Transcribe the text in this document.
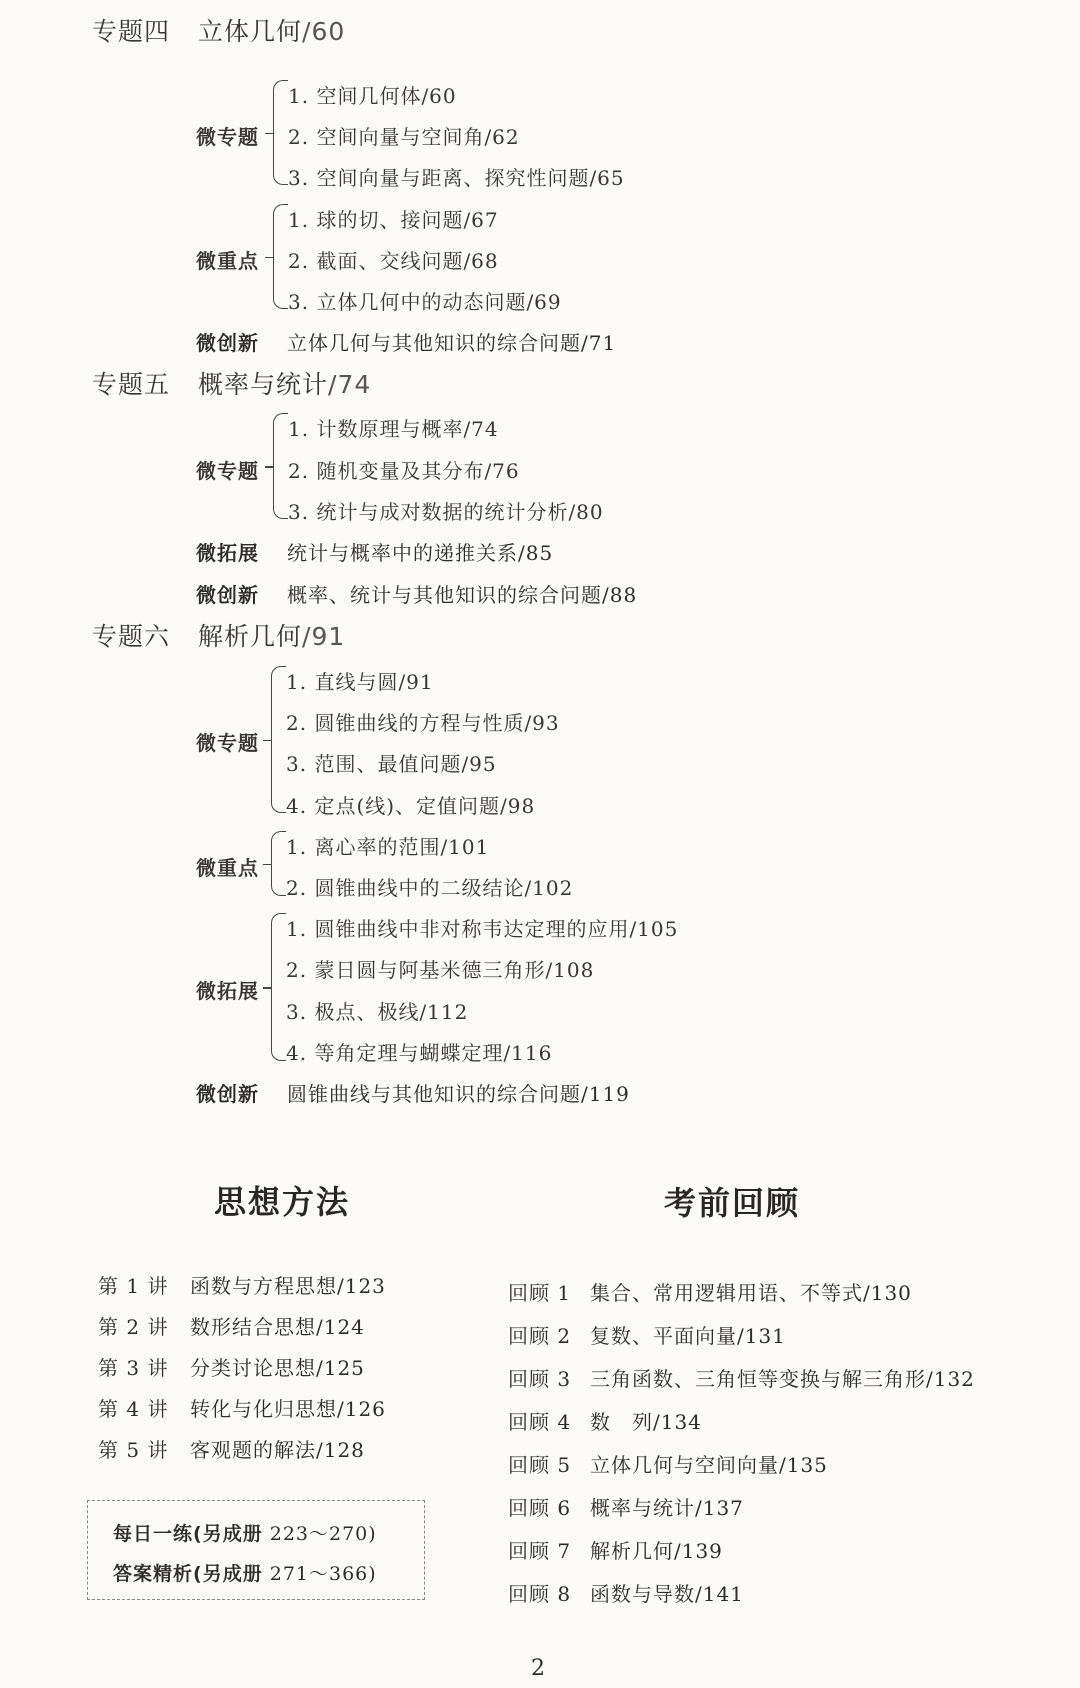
专题四 立体几何/60
微专题
1. 空间几何体/60
2. 空间向量与空间角/62
3. 空间向量与距离、探究性问题/65
微重点
1. 球的切、接问题/67
2. 截面、交线问题/68
3. 立体几何中的动态问题/69
微创新 立体几何与其他知识的综合问题/71
专题五 概率与统计/74
微专题
1. 计数原理与概率/74
2. 随机变量及其分布/76
3. 统计与成对数据的统计分析/80
微拓展 统计与概率中的递推关系/85
微创新 概率、统计与其他知识的综合问题/88
专题六 解析几何/91
微专题
1. 直线与圆/91
2. 圆锥曲线的方程与性质/93
3. 范围、最值问题/95
4. 定点(线)、定值问题/98
微重点
1. 离心率的范围/101
2. 圆锥曲线中的二级结论/102
微拓展
1. 圆锥曲线中非对称韦达定理的应用/105
2. 蒙日圆与阿基米德三角形/108
3. 极点、极线/112
4. 等角定理与蝴蝶定理/116
微创新 圆锥曲线与其他知识的综合问题/119
思想方法
第 1 讲 函数与方程思想/123
第 2 讲 数形结合思想/124
第 3 讲 分类讨论思想/125
第 4 讲 转化与化归思想/126
第 5 讲 客观题的解法/128
每日一练(另成册 223～270)
答案精析(另成册 271～366)
考前回顾
回顾 1 集合、常用逻辑用语、不等式/130
回顾 2 复数、平面向量/131
回顾 3 三角函数、三角恒等变换与解三角形/132
回顾 4 数　列/134
回顾 5 立体几何与空间向量/135
回顾 6 概率与统计/137
回顾 7 解析几何/139
回顾 8 函数与导数/141
2
